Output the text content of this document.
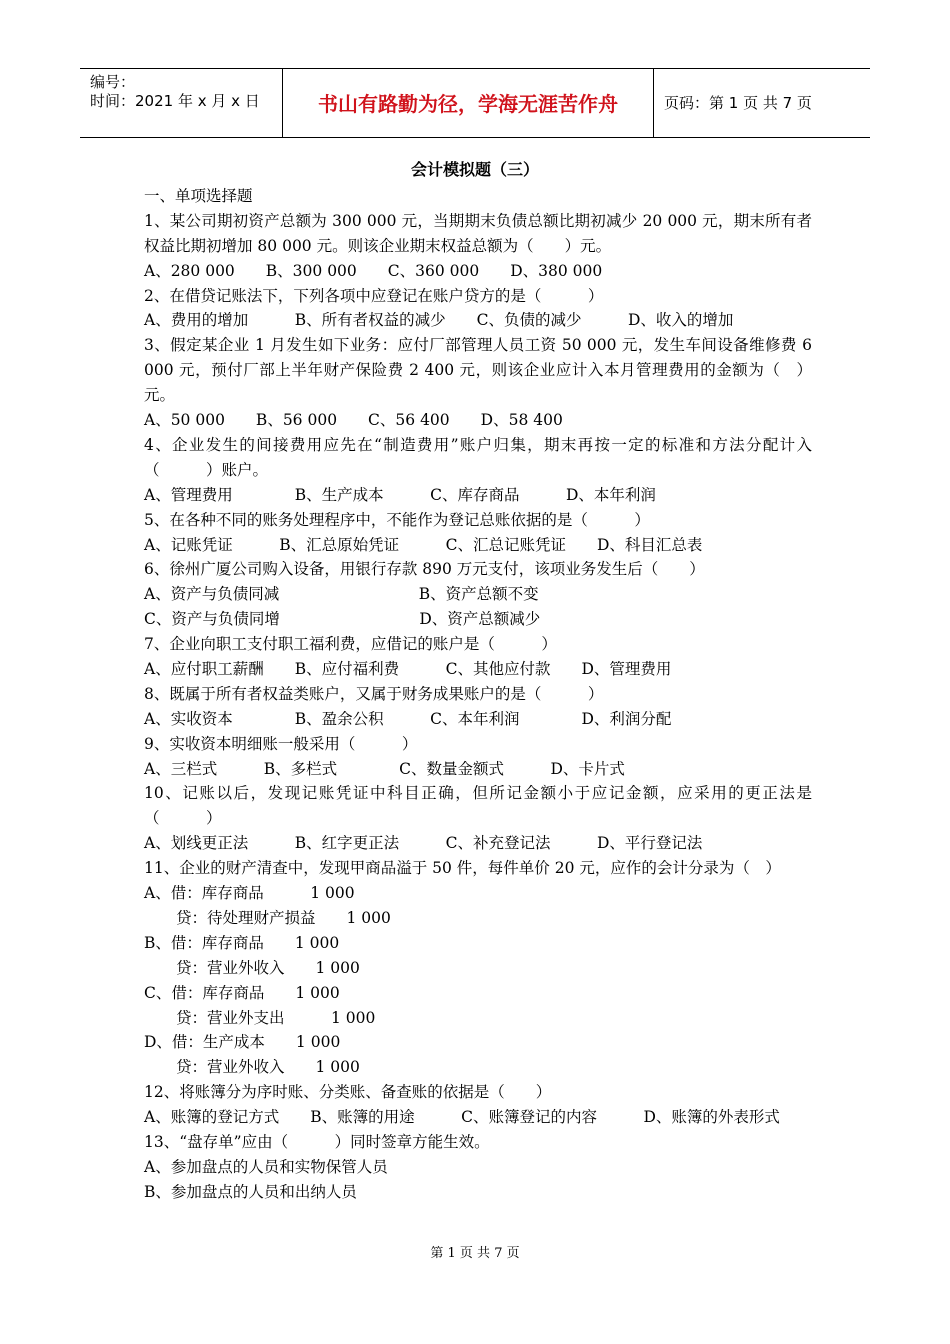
编号：
时间：2021 年 x 月 x 日	书山有路勤为径，学海无涯苦作舟	页码：第 1 页 共 7 页
会计模拟题（三）
一、单项选择题
1、某公司期初资产总额为 300 000 元，当期期末负债总额比期初减少 20 000 元，期末所有者权益比期初增加 80 000 元。则该企业期末权益总额为（　　）元。
A、280 000　　B、300 000　　C、360 000　　D、380 000
2、在借贷记账法下，下列各项中应登记在账户贷方的是（　　　）
A、费用的增加　　　B、所有者权益的减少　　C、负债的减少　　　D、收入的增加
3、假定某企业 1 月发生如下业务：应付厂部管理人员工资 50 000 元，发生车间设备维修费 6 000 元，预付厂部上半年财产保险费 2 400 元，则该企业应计入本月管理费用的金额为（　）元。
A、50 000　　B、56 000　　C、56 400　　D、58 400
4、企业发生的间接费用应先在“制造费用”账户归集，期末再按一定的标准和方法分配计入（　　　）账户。
A、管理费用　　　　B、生产成本　　　C、库存商品　　　D、本年利润
5、在各种不同的账务处理程序中，不能作为登记总账依据的是（　　　）
A、记账凭证　　　B、汇总原始凭证　　　C、汇总记账凭证　　D、科目汇总表
6、徐州广厦公司购入设备，用银行存款 890 万元支付，该项业务发生后（　　）
A、资产与负债同减　　　　　　　　　B、资产总额不变
C、资产与负债同增　　　　　　　　　D、资产总额减少
7、企业向职工支付职工福利费，应借记的账户是（　　　）
A、应付职工薪酬　　B、应付福利费　　　C、其他应付款　　D、管理费用
8、既属于所有者权益类账户，又属于财务成果账户的是（　　　）
A、实收资本　　　　B、盈余公积　　　C、本年利润　　　　D、利润分配
9、实收资本明细账一般采用（　　　）
A、三栏式　　　B、多栏式　　　　C、数量金额式　　　D、卡片式
10、记账以后，发现记账凭证中科目正确，但所记金额小于应记金额，应采用的更正法是（　　　）
A、划线更正法　　　B、红字更正法　　　C、补充登记法　　　D、平行登记法
11、企业的财产清查中，发现甲商品溢于 50 件，每件单价 20 元，应作的会计分录为（　）
A、借：库存商品　　　1 000
贷：待处理财产损益　　1 000
B、借：库存商品　　1 000
贷：营业外收入　　1 000
C、借：库存商品　　1 000
贷：营业外支出　　　1 000
D、借：生产成本　　1 000
贷：营业外收入　　1 000
12、将账簿分为序时账、分类账、备查账的依据是（　　）
A、账簿的登记方式　　B、账簿的用途　　　C、账簿登记的内容　　　D、账簿的外表形式
13、“盘存单”应由（　　　）同时签章方能生效。
A、参加盘点的人员和实物保管人员
B、参加盘点的人员和出纳人员
第 1 页 共 7 页
